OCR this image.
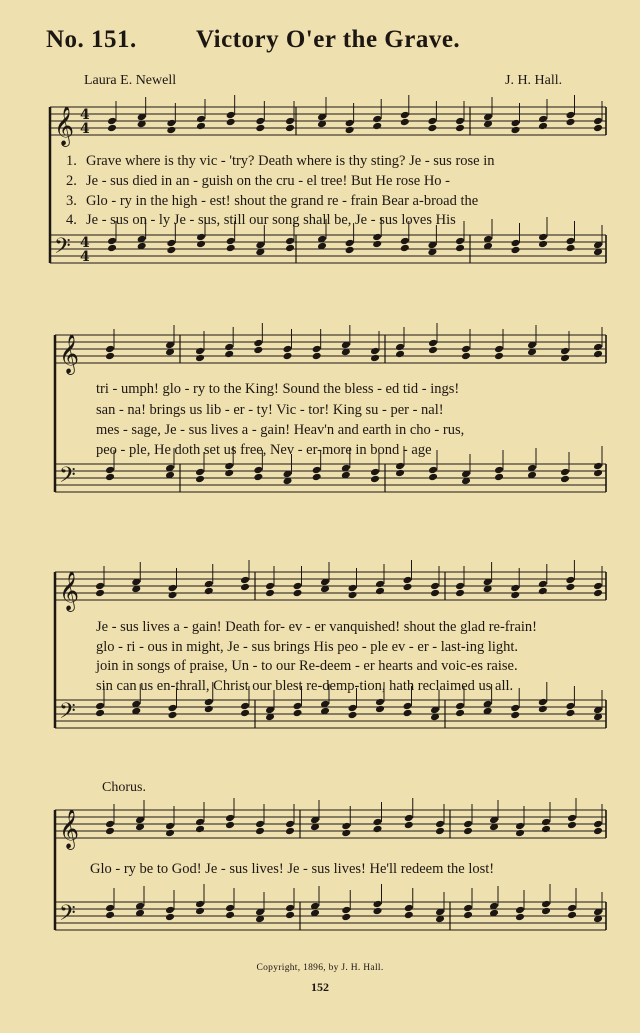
No. 151. Victory O'er the Grave.
Laura E. Newell	J. H. Hall.
𝄞
𝄢
4
4
4
4
𝄞
𝄢
𝄞
𝄢
𝄞
𝄢
1. Grave where is thy vic - 'try? Death where is thy sting? Je - sus rose in
2. Je - sus died in an - guish on the cru - el tree! But He rose Ho -
3. Glo - ry in the high - est! shout the grand re - frain Bear a-broad the
4. Je - sus on - ly Je - sus, still our song shall be, Je - sus loves His
tri - umph! glo - ry to the King! Sound the bless - ed tid - ings!
san - na! brings us lib - er - ty! Vic - tor! King su - per - nal!
mes - sage, Je - sus lives a - gain! Heav'n and earth in cho - rus,
peo - ple, He doth set us free, Nev - er-more in bond - age
Je - sus lives a - gain! Death for- ev - er vanquished! shout the glad re-frain!
glo - ri - ous in might, Je - sus brings His peo - ple ev - er - last-ing light.
join in songs of praise, Un - to our Re-deem - er hearts and voic-es raise.
sin can us en-thrall, Christ our blest re-demp-tion, hath reclaimed us all.
Chorus.
Glo - ry be to God! Je - sus lives! Je - sus lives! He'll redeem the lost!
Copyright, 1896, by J. H. Hall.
152
